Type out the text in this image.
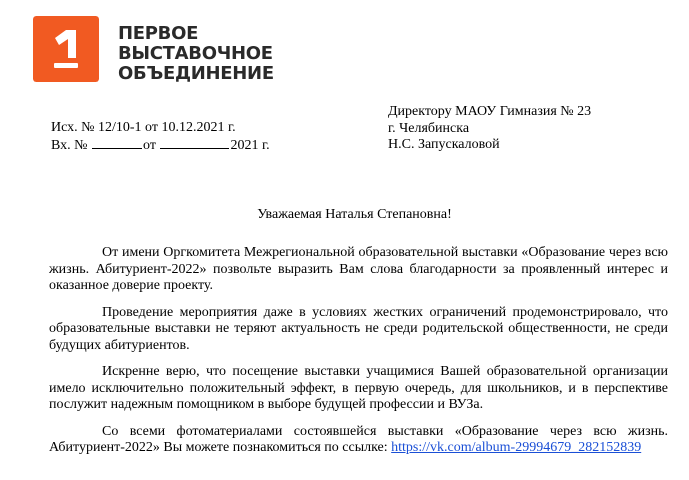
ПЕРВОЕ
ВЫСТАВОЧНОЕ
ОБЪЕДИНЕНИЕ
Исх. № 12/10-1 от 10.12.2021 г.
Вх. №	от	2021 г.
Директору МАОУ Гимназия № 23
г. Челябинска
Н.С. Запускаловой
Уважаемая Наталья Степановна!

От имени Оргкомитета Межрегиональной образовательной выставки «Образование через всю жизнь. Абитуриент-2022» позвольте выразить Вам слова благодарности за проявленный интерес и оказанное доверие проекту.

Проведение мероприятия даже в условиях жестких ограничений продемонстрировало, что образовательные выставки не теряют актуальность не среди родительской общественности, не среди будущих абитуриентов.

Искренне верю, что посещение выставки учащимися Вашей образовательной организации имело исключительно положительный эффект, в первую очередь, для школьников, и в перспективе послужит надежным помощником в выборе будущей профессии и ВУЗа.

Со всеми фотоматериалами состоявшейся выставки «Образование через всю жизнь. Абитуриент-2022» Вы можете познакомиться по ссылке: https://vk.com/album-29994679_282152839
